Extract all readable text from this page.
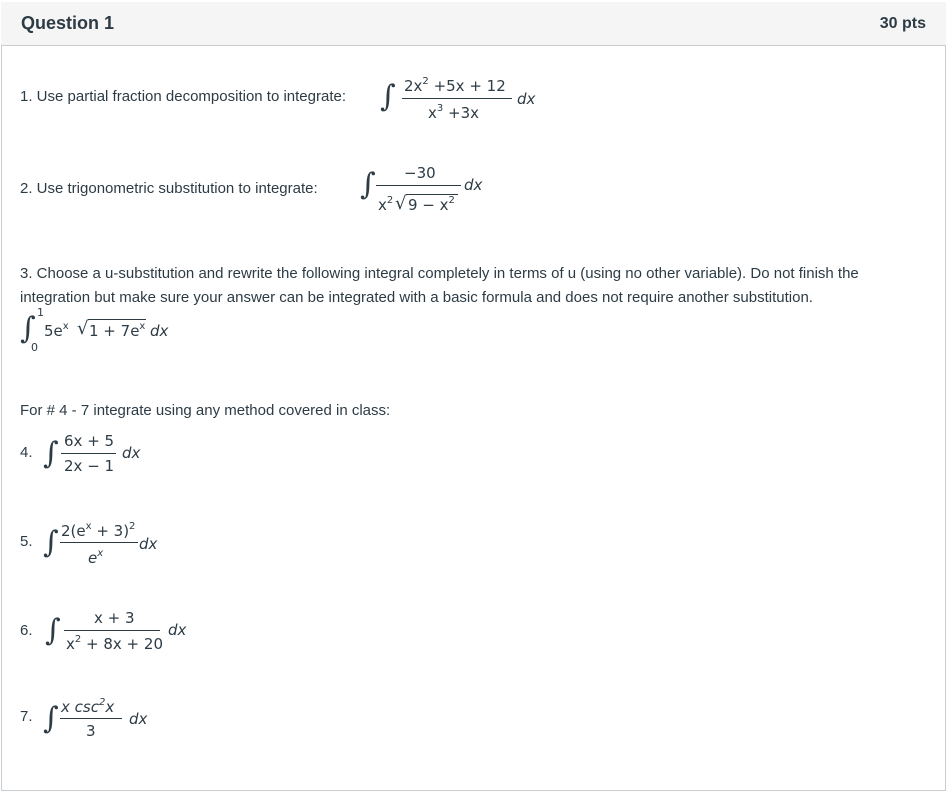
Question 1	30 pts
1. Use partial fraction decomposition to integrate: ∫ $2x^2 +5x + 12$
$x^3 +3x$
dx
2. Use trigonometric substitution to integrate: ∫ −30
$x^2$ √ $9 - x^2$
dx
3. Choose a u-substitution and rewrite the following integral completely in terms of u (using no other variable). Do not finish the integration but make sure your answer can be integrated with a basic formula and does not require another substitution.
∫ 1
0
$5e^x$ √ $1 + 7e^x$ dx
For # 4 - 7 integrate using any method covered in class:
4. ∫ 6x + 5
2x − 1
dx
5. ∫ $2(e^x + 3)^2$
$e^x$
dx
6. ∫ x + 3
$x^2 + 8x + 20$
dx
7. ∫ x $\csc^2x$
3
dx
